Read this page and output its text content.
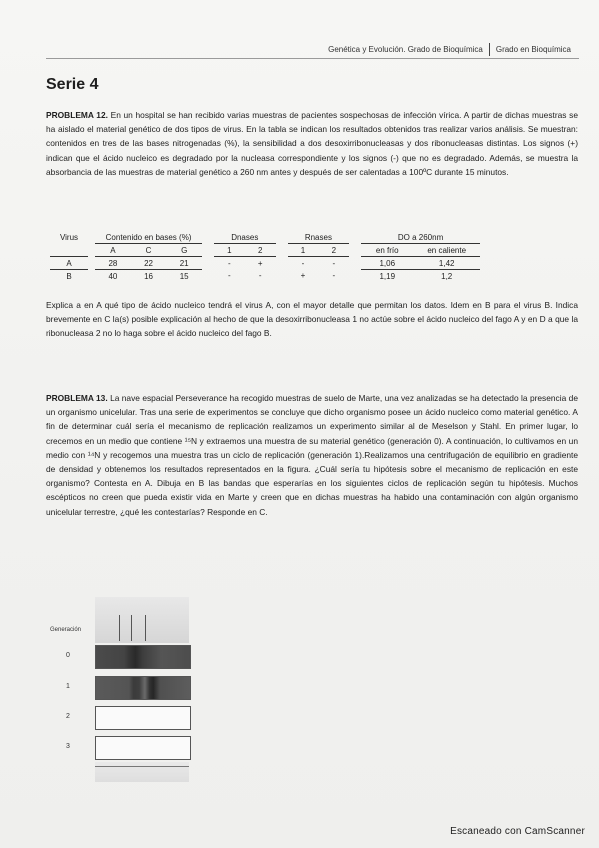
Genética y Evolución. Grado de Bioquímica Grado en Bioquímica
Serie 4
PROBLEMA 12. En un hospital se han recibido varias muestras de pacientes sospechosas de infección vírica. A partir de dichas muestras se ha aislado el material genético de dos tipos de virus. En la tabla se indican los resultados obtenidos tras realizar varios análisis. Se muestran: contenidos en tres de las bases nitrogenadas (%), la sensibilidad a dos desoxirribonucleasas y dos ribonucleasas distintas. Los signos (+) indican que el ácido nucleico es degradado por la nucleasa correspondiente y los signos (-) que no es degradado. Además, se muestra la absorbancia de las muestras de material genético a 260 nm antes y después de ser calentadas a 100ºC durante 15 minutos.
Virus		Contenido en bases (%)				Dnases			Rnases			DO a 260nm	
		A	C	G		1	2		1	2		en frío	en caliente
A		28	22	21		-	+		-	-		1,06	1,42
B		40	16	15		-	-		+	-		1,19	1,2
Explica a en A qué tipo de ácido nucleico tendrá el virus A, con el mayor detalle que permitan los datos. Idem en B para el virus B. Indica brevemente en C la(s) posible explicación al hecho de que la desoxirribonucleasa 1 no actúe sobre el ácido nucleico del fago A y en D a que la ribonucleasa 2 no lo haga sobre el ácido nucleico del fago B.
PROBLEMA 13. La nave espacial Perseverance ha recogido muestras de suelo de Marte, una vez analizadas se ha detectado la presencia de un organismo unicelular. Tras una serie de experimentos se concluye que dicho organismo posee un ácido nucleico como material genético. A fin de determinar cuál sería el mecanismo de replicación realizamos un experimento similar al de Meselson y Stahl. En primer lugar, lo crecemos en un medio que contiene ¹⁵N y extraemos una muestra de su material genético (generación 0). A continuación, lo cultivamos en un medio con ¹⁴N y recogemos una muestra tras un ciclo de replicación (generación 1).Realizamos una centrifugación de equilibrio en gradiente de densidad y obtenemos los resultados representados en la figura. ¿Cuál sería tu hipótesis sobre el mecanismo de replicación en este organismo? Contesta en A. Dibuja en B las bandas que esperarías en los siguientes ciclos de replicación según tu hipótesis. Muchos escépticos no creen que pueda existir vida en Marte y creen que en dichas muestras ha habido una contaminación con algún organismo unicelular terrestre, ¿qué les contestarías? Responde en C.
Generación
0
1
2
3
Escaneado con CamScanner
